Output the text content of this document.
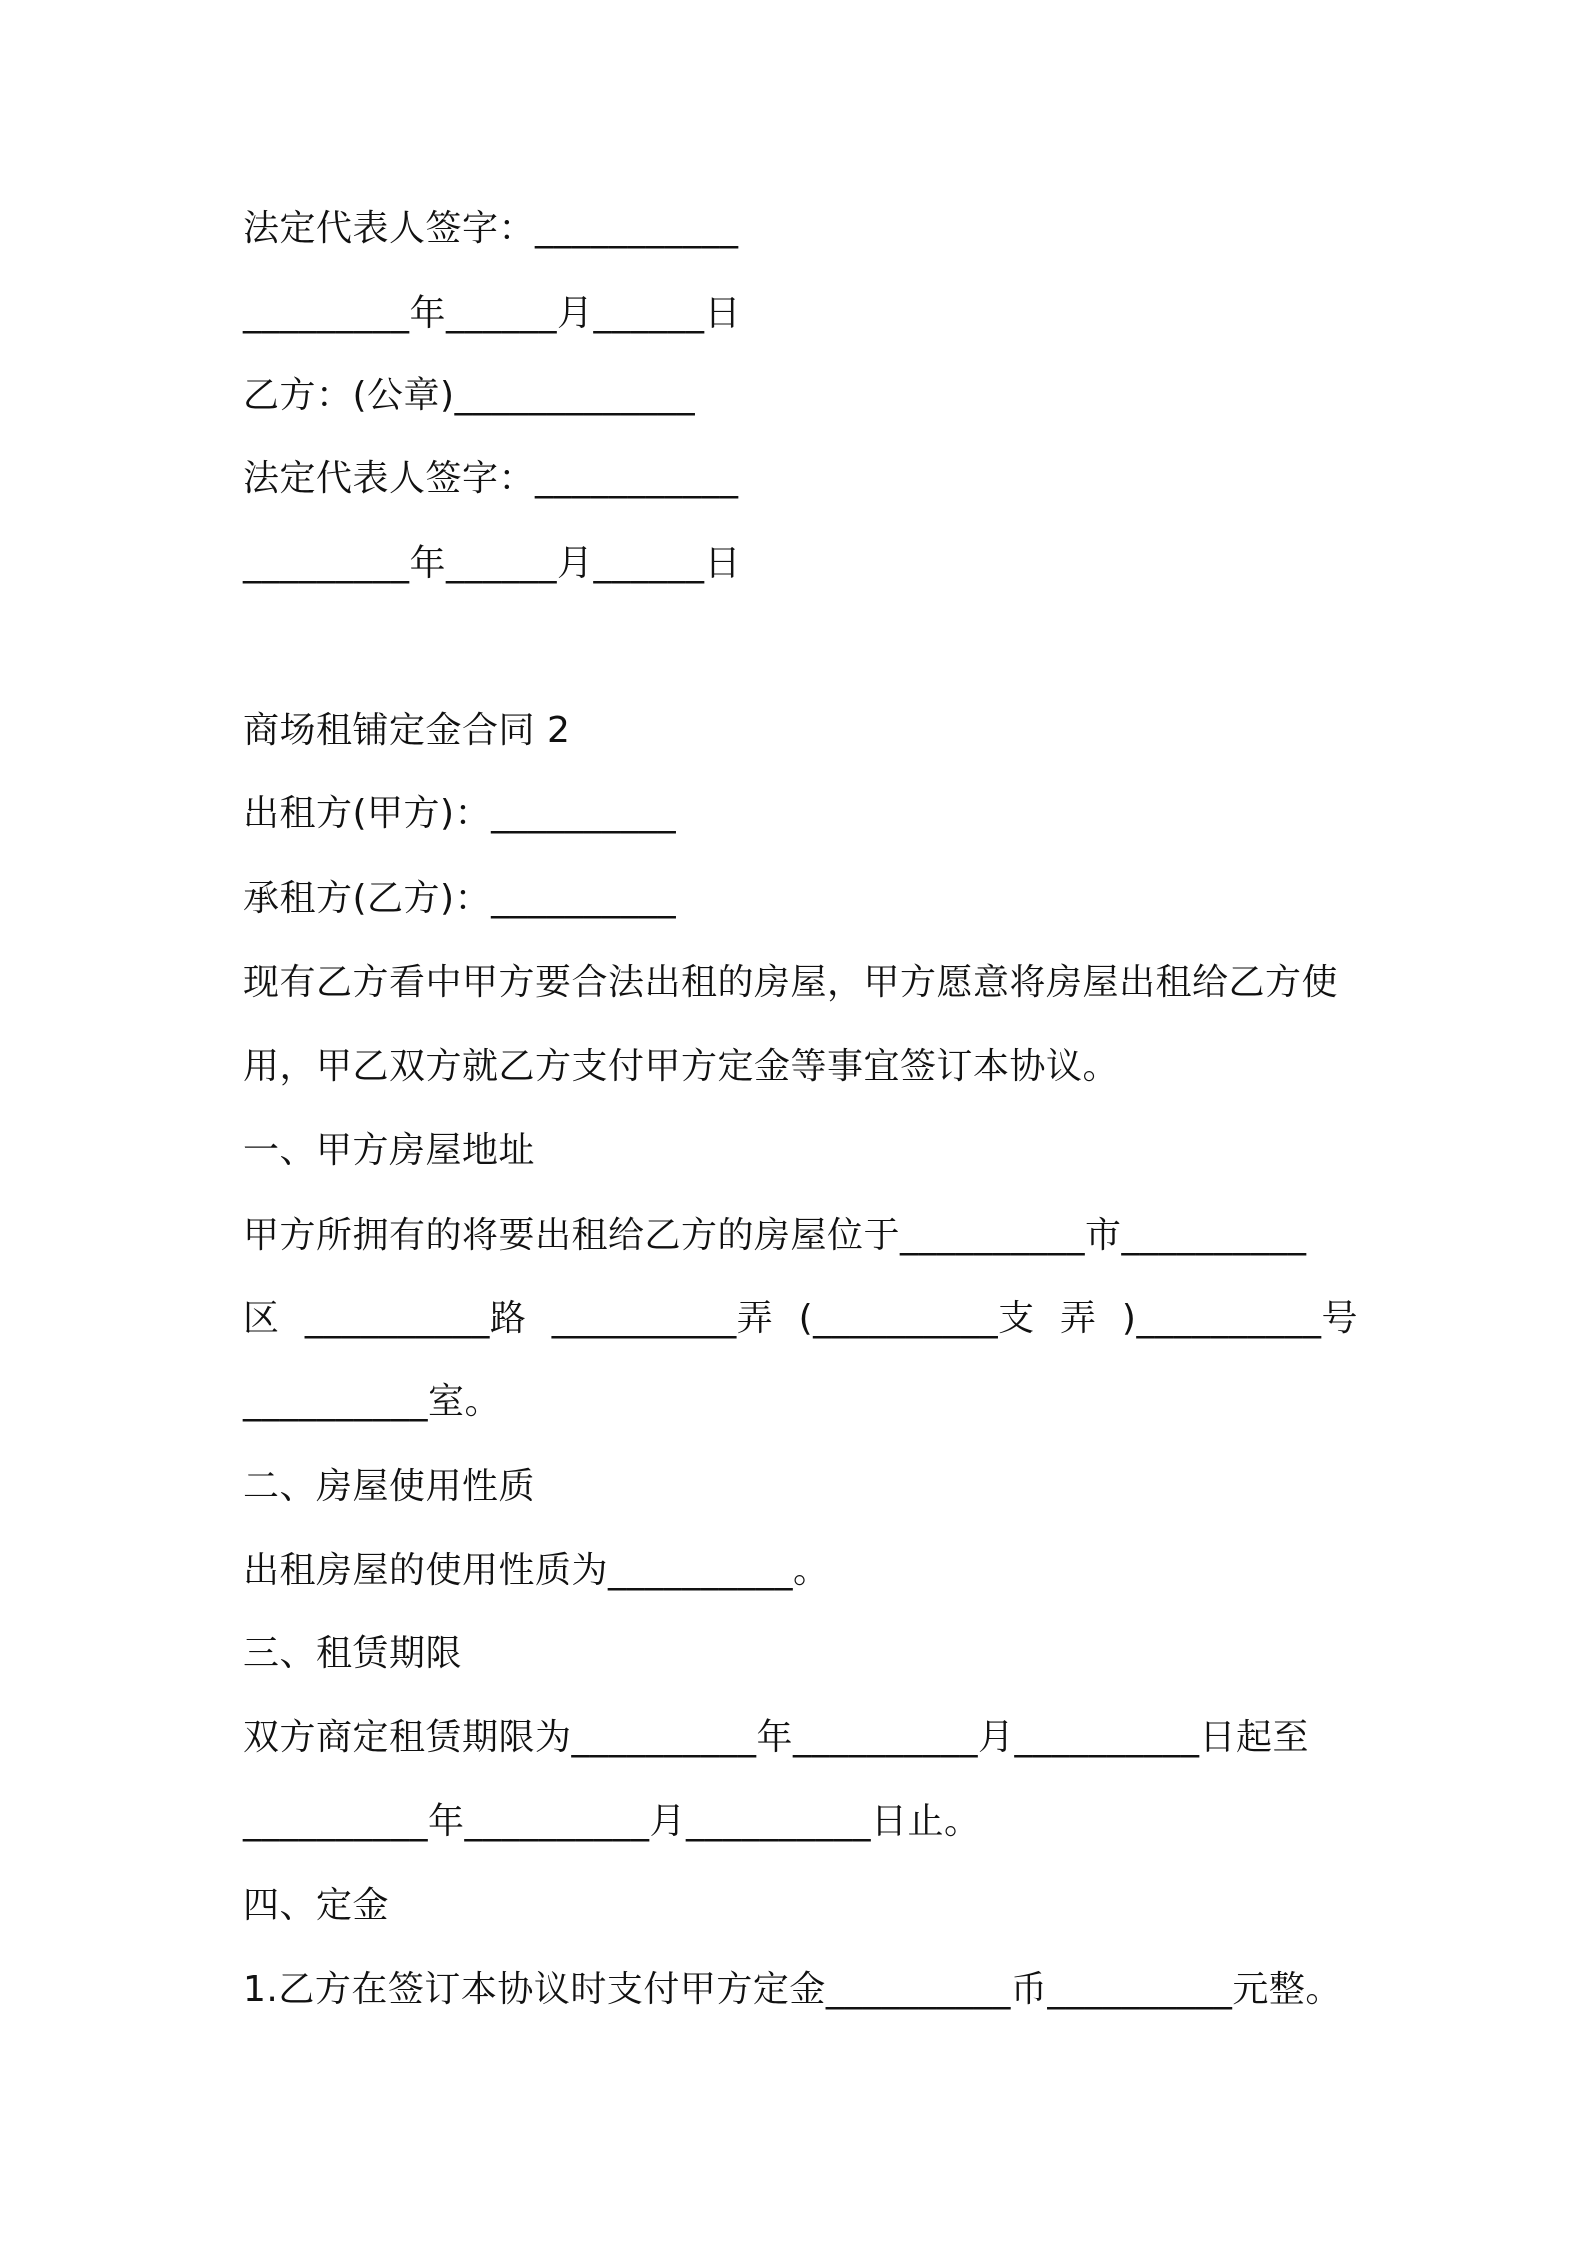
法定代表人签字：___________
_________年______月______日
乙方：(公章)_____________
法定代表人签字：___________
_________年______月______日
商场租铺定金合同 2
出租方(甲方)：__________
承租方(乙方)：__________
现有乙方看中甲方要合法出租的房屋，甲方愿意将房屋出租给乙方使
用，甲乙双方就乙方支付甲方定金等事宜签订本协议。
一、甲方房屋地址
甲方所拥有的将要出租给乙方的房屋位于__________市__________
区 __________路 __________弄 (__________支 弄 )__________号
__________室。
二、房屋使用性质
出租房屋的使用性质为__________。
三、租赁期限
双方商定租赁期限为__________年__________月__________日起至
__________年__________月__________日止。
四、定金
1.乙方在签订本协议时支付甲方定金__________币__________元整。
